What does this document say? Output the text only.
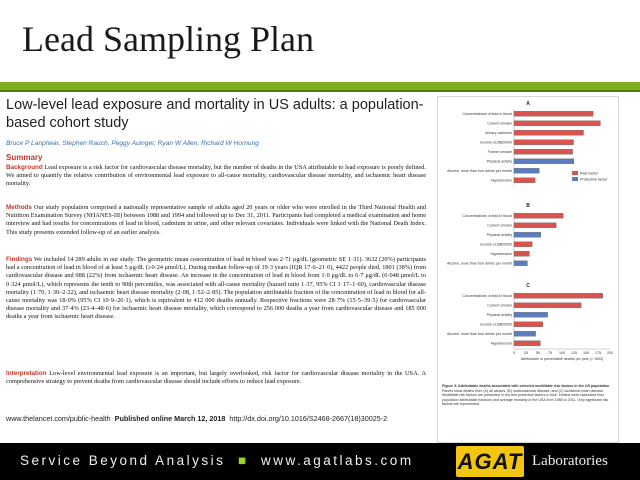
Lead Sampling Plan
Low-level lead exposure and mortality in US adults: a population-based cohort study
Bruce P Lanphear, Stephen Rauch, Peggy Auinger, Ryan W Allen, Richard W Hornung
Summary
Background Lead exposure is a risk factor for cardiovascular disease mortality, but the number of deaths in the USA attributable to lead exposure is poorly defined. We aimed to quantify the relative contribution of environmental lead exposure to all-cause mortality, cardiovascular disease mortality, and ischaemic heart disease mortality.
Methods Our study population comprised a nationally representative sample of adults aged 20 years or older who were enrolled in the Third National Health and Nutrition Examination Survey (NHANES-III) between 1988 and 1994 and followed up to Dec 31, 2011. Participants had completed a medical examination and home interview and had results for concentrations of lead in blood, cadmium in urine, and other relevant covariates. Individuals were linked with the National Death Index. This study presents extended follow-up of an earlier analysis.
Findings We included 14 289 adults in our study. The geometric mean concentration of lead in blood was 2·71 μg/dL (geometric SE 1·31). 3632 (20%) participants had a concentration of lead in blood of at least 5 μg/dL (≥0·24 μmol/L). During median follow-up of 19·3 years (IQR 17·6–21·0), 4422 people died, 1801 (38%) from cardiovascular disease and 988 (22%) from ischaemic heart disease. An increase in the concentration of lead in blood from 1·0 μg/dL to 6·7 μg/dL (0·048 μmol/L to 0·324 μmol/L), which represents the tenth to 90th percentiles, was associated with all-cause mortality (hazard ratio 1·37, 95% CI 1·17–1·60), cardiovascular disease mortality (1·70, 1·30–2·22), and ischaemic heart disease mortality (2·08, 1·52–2·85). The population attributable fraction of the concentration of lead in blood for all-cause mortality was 18·0% (95% CI 10·9–26·1), which is equivalent to 412 000 deaths annually. Respective fractions were 28·7% (15·5–39·5) for cardiovascular disease mortality and 37·4% (23·4–48·6) for ischaemic heart disease mortality, which correspond to 256 000 deaths a year from cardiovascular disease and 185 000 deaths a year from ischaemic heart disease.
Interpretation Low-level environmental lead exposure is an important, but largely overlooked, risk factor for cardiovascular disease mortality in the USA. A comprehensive strategy to prevent deaths from cardiovascular disease should include efforts to reduce lead exposure.
www.thelancet.com/public-health Published online March 12, 2018 http://dx.doi.org/10.1016/S2468-2667(18)30025-2
A
Concentrations of lead in blood
Current smoker
Urinary cadmium
Income ≤US$20000
Former smoker
Physical activity
Alcohol, more than four drinks per month
Hypertension
Risk factor
Protective factor
B
Concentrations of lead in blood
Current smoker
Physical activity
Income ≤US$20000
Hypertension
Alcohol, more than four drinks per month
C
Concentrations of lead in blood
Current smoker
Physical activity
Income ≤US$20000
Alcohol, more than four drinks per month
Hypertension
0	25 50 75 100 125 150 175 200
Attributable or preventable deaths per year (× 1000)
Figure 3: Attributable deaths associated with selected modifiable risk factors in the US population
Panels show deaths from (A) all causes, (B) cardiovascular disease, and (C) ischaemic heart disease. Modifiable risk factors are presented in red and protective factors in blue. Deaths were calculated from population attributable fractions and average mortality in the USA from 1988 to 2011. Only significant risk factors are represented.
Service Beyond Analysis ■ www.agatlabs.com AGAT Laboratories
